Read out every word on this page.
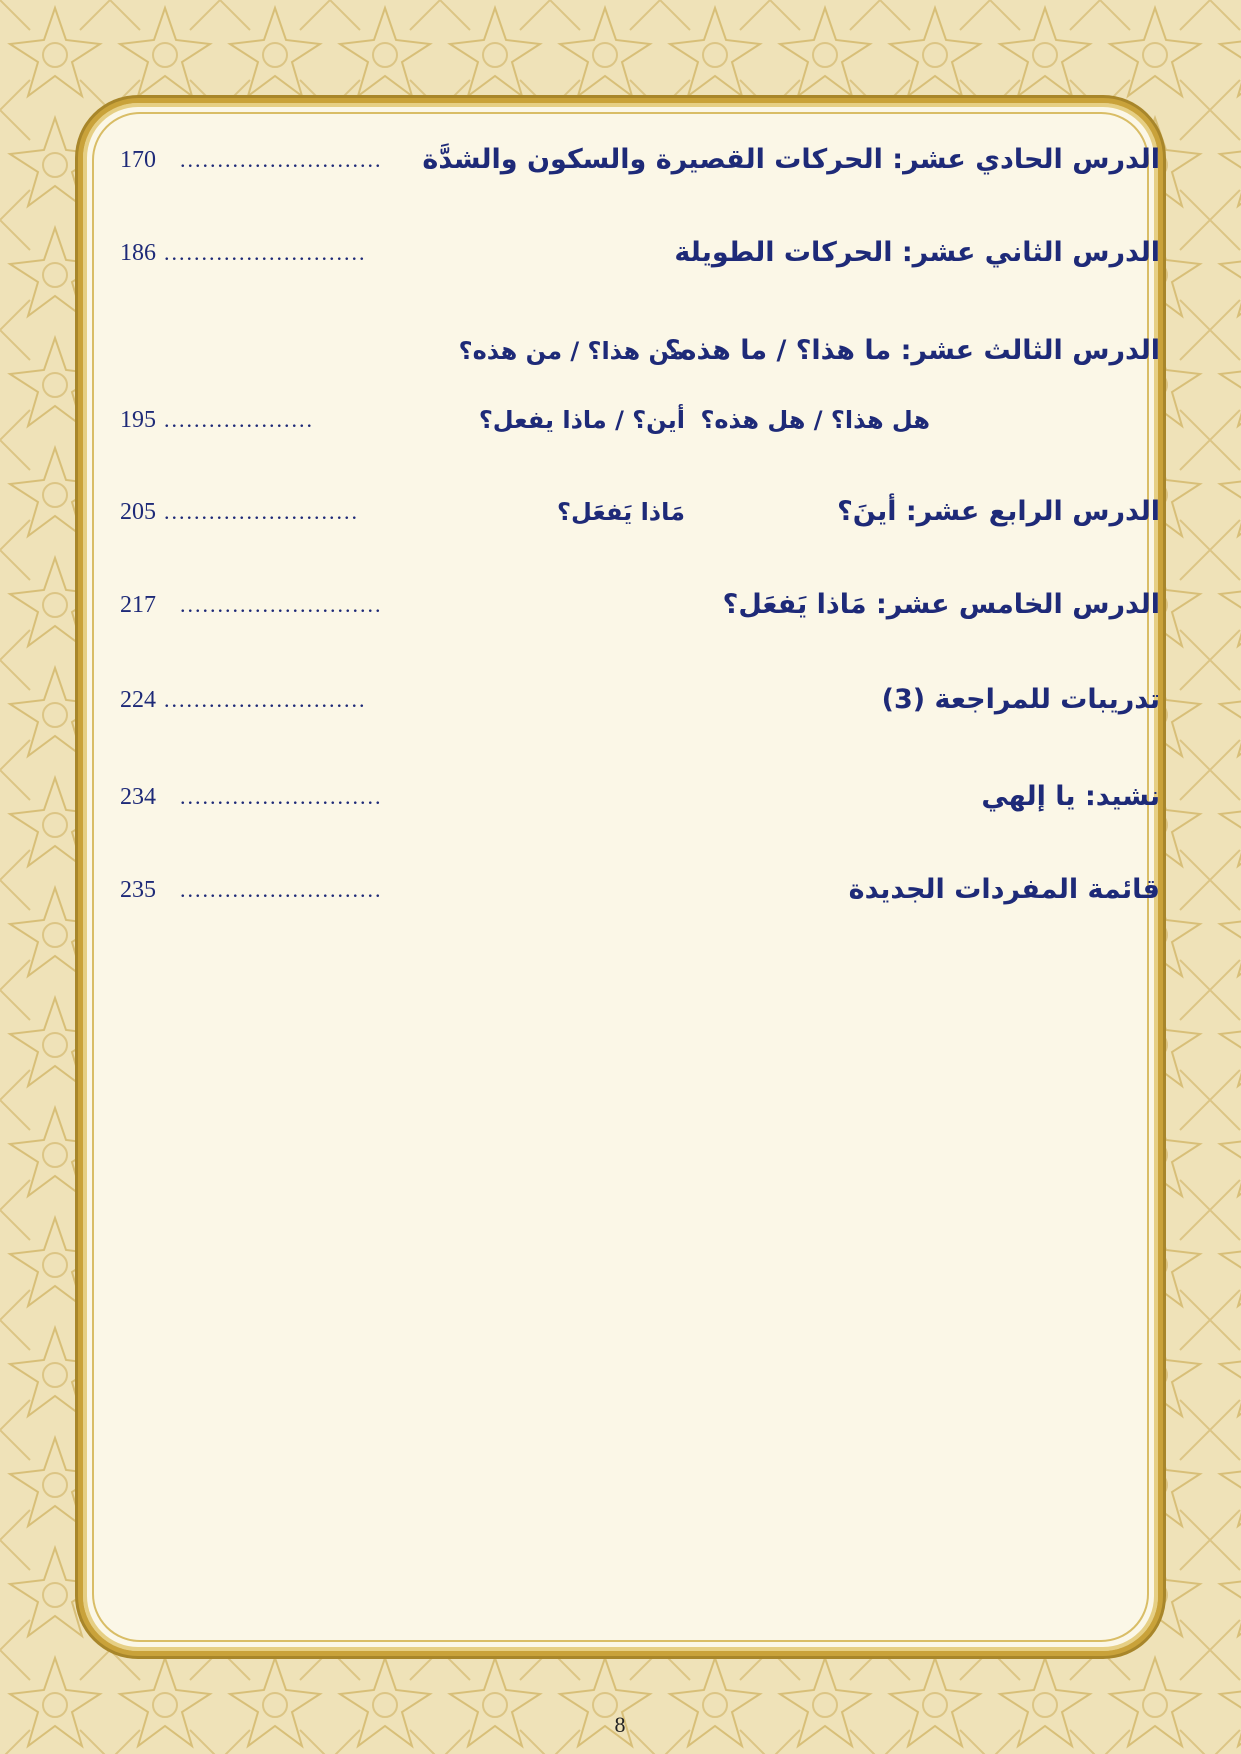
الدرس الحادي عشر: الحركات القصيرة والسكون والشدَّة
170 ...........................
الدرس الثاني عشر: الحركات الطويلة
186 ...........................
الدرس الثالث عشر: ما هذا؟ / ما هذه؟
من هذا؟ / من هذه؟
هل هذا؟ / هل هذه؟
أين؟ / ماذا يفعل؟
195 ....................
الدرس الرابع عشر: أينَ؟
مَاذا يَفعَل؟
205 ..........................
الدرس الخامس عشر: مَاذا يَفعَل؟
217 ...........................
تدريبات للمراجعة (3)
224 ...........................
نشيد: يا إلهي
234 ...........................
قائمة المفردات الجديدة
235 ...........................
8
